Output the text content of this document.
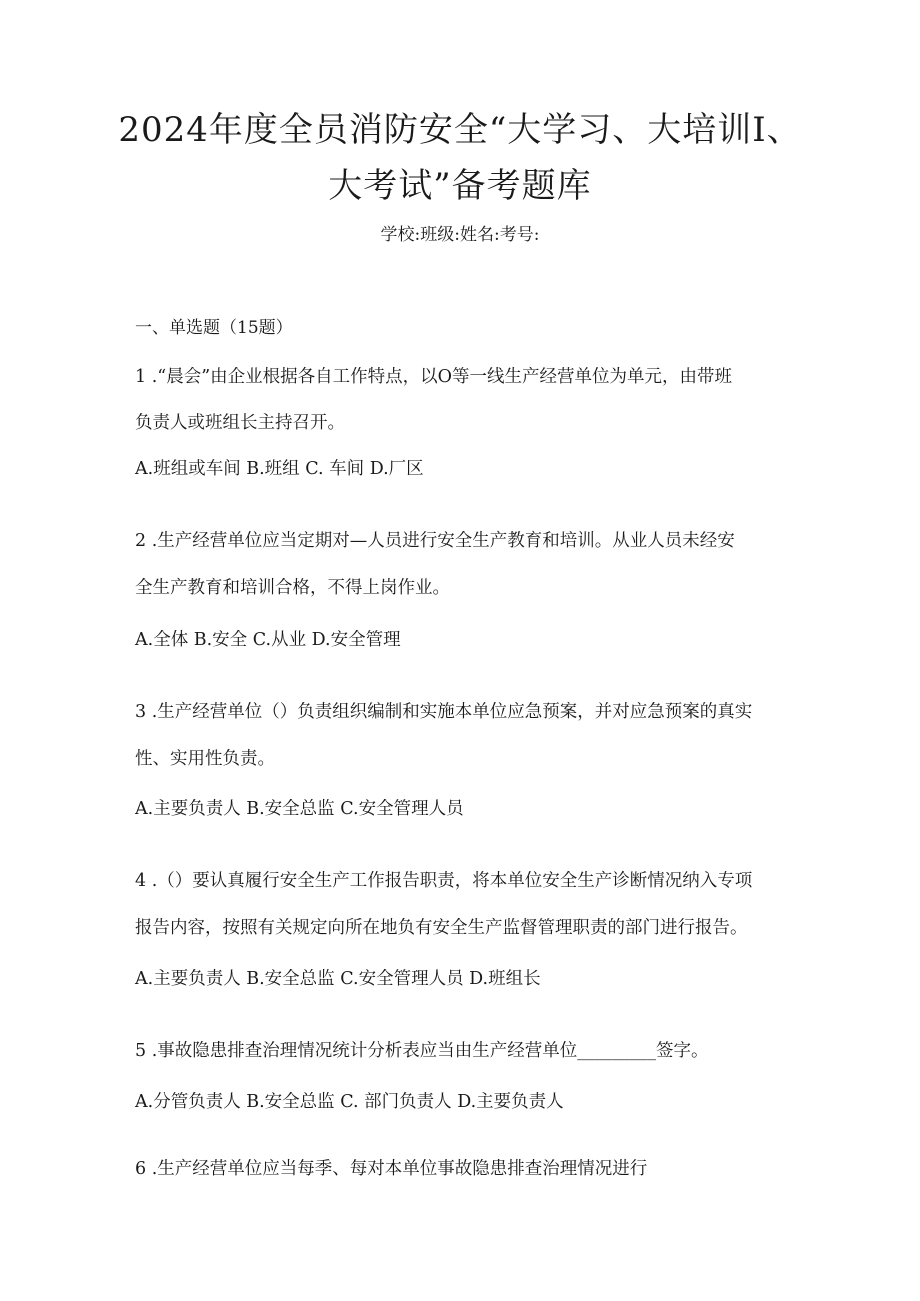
2024年度全员消防安全“大学习、大培训I、
大考试”备考题库
学校:班级:姓名:考号:
一、单选题（15题）
1 .“晨会”由企业根据各自工作特点，以O等一线生产经营单位为单元，由带班
负责人或班组长主持召开。
A.班组或车间 B.班组 C. 车间 D.厂区
2 .生产经营单位应当定期对—人员进行安全生产教育和培训。从业人员未经安
全生产教育和培训合格，不得上岗作业。
A.全体 B.安全 C.从业 D.安全管理
3 .生产经营单位（）负责组织编制和实施本单位应急预案，并对应急预案的真实
性、实用性负责。
A.主要负责人 B.安全总监 C.安全管理人员
4 .（）要认真履行安全生产工作报告职责，将本单位安全生产诊断情况纳入专项
报告内容，按照有关规定向所在地负有安全生产监督管理职责的部门进行报告。
A.主要负责人 B.安全总监 C.安全管理人员 D.班组长
5 .事故隐患排查治理情况统计分析表应当由生产经营单位_________签字。
A.分管负责人 B.安全总监 C. 部门负责人 D.主要负责人
6 .生产经营单位应当每季、每对本单位事故隐患排查治理情况进行
